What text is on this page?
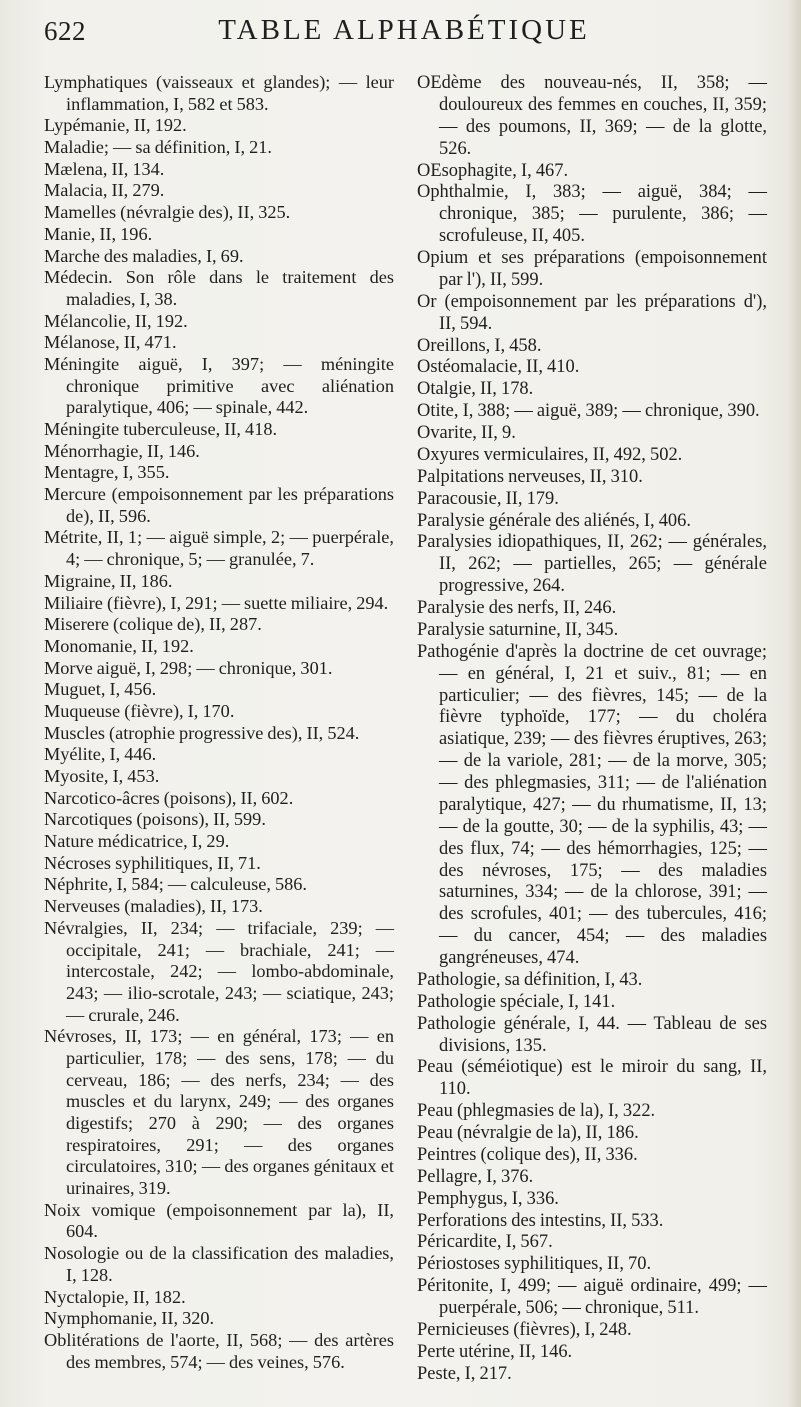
622	TABLE ALPHABÉTIQUE

Lymphatiques (vaisseaux et glandes); — leur inflammation, I, 582 et 583.

Lypémanie, II, 192.

Maladie; — sa définition, I, 21.

Mælena, II, 134.

Malacia, II, 279.

Mamelles (névralgie des), II, 325.

Manie, II, 196.

Marche des maladies, I, 69.

Médecin. Son rôle dans le traitement des maladies, I, 38.

Mélancolie, II, 192.

Mélanose, II, 471.

Méningite aiguë, I, 397; — méningite chronique primitive avec aliénation paralytique, 406; — spinale, 442.

Méningite tuberculeuse, II, 418.

Ménorrhagie, II, 146.

Mentagre, I, 355.

Mercure (empoisonnement par les préparations de), II, 596.

Métrite, II, 1; — aiguë simple, 2; — puerpérale, 4; — chronique, 5; — granulée, 7.

Migraine, II, 186.

Miliaire (fièvre), I, 291; — suette miliaire, 294.

Miserere (colique de), II, 287.

Monomanie, II, 192.

Morve aiguë, I, 298; — chronique, 301.

Muguet, I, 456.

Muqueuse (fièvre), I, 170.

Muscles (atrophie progressive des), II, 524.

Myélite, I, 446.

Myosite, I, 453.

Narcotico-âcres (poisons), II, 602.

Narcotiques (poisons), II, 599.

Nature médicatrice, I, 29.

Nécroses syphilitiques, II, 71.

Néphrite, I, 584; — calculeuse, 586.

Nerveuses (maladies), II, 173.

Névralgies, II, 234; — trifaciale, 239; — occipitale, 241; — brachiale, 241; — intercostale, 242; — lombo-abdominale, 243; — ilio-scrotale, 243; — sciatique, 243; — crurale, 246.

Névroses, II, 173; — en général, 173; — en particulier, 178; — des sens, 178; — du cerveau, 186; — des nerfs, 234; — des muscles et du larynx, 249; — des organes digestifs; 270 à 290; — des organes respiratoires, 291; — des organes circulatoires, 310; — des organes génitaux et urinaires, 319.

Noix vomique (empoisonnement par la), II, 604.

Nosologie ou de la classification des maladies, I, 128.

Nyctalopie, II, 182.

Nymphomanie, II, 320.

Oblitérations de l'aorte, II, 568; — des artères des membres, 574; — des veines, 576.

OEdème des nouveau-nés, II, 358; — douloureux des femmes en couches, II, 359; — des poumons, II, 369; — de la glotte, 526.

OEsophagite, I, 467.

Ophthalmie, I, 383; — aiguë, 384; — chronique, 385; — purulente, 386; — scrofuleuse, II, 405.

Opium et ses préparations (empoisonnement par l'), II, 599.

Or (empoisonnement par les préparations d'), II, 594.

Oreillons, I, 458.

Ostéomalacie, II, 410.

Otalgie, II, 178.

Otite, I, 388; — aiguë, 389; — chronique, 390.

Ovarite, II, 9.

Oxyures vermiculaires, II, 492, 502.

Palpitations nerveuses, II, 310.

Paracousie, II, 179.

Paralysie générale des aliénés, I, 406.

Paralysies idiopathiques, II, 262; — générales, II, 262; — partielles, 265; — générale progressive, 264.

Paralysie des nerfs, II, 246.

Paralysie saturnine, II, 345.

Pathogénie d'après la doctrine de cet ouvrage; — en général, I, 21 et suiv., 81; — en particulier; — des fièvres, 145; — de la fièvre typhoïde, 177; — du choléra asiatique, 239; — des fièvres éruptives, 263; — de la variole, 281; — de la morve, 305; — des phlegmasies, 311; — de l'aliénation paralytique, 427; — du rhumatisme, II, 13; — de la goutte, 30; — de la syphilis, 43; — des flux, 74; — des hémorrhagies, 125; — des névroses, 175; — des maladies saturnines, 334; — de la chlorose, 391; — des scrofules, 401; — des tubercules, 416; — du cancer, 454; — des maladies gangréneuses, 474.

Pathologie, sa définition, I, 43.

Pathologie spéciale, I, 141.

Pathologie générale, I, 44. — Tableau de ses divisions, 135.

Peau (séméiotique) est le miroir du sang, II, 110.

Peau (phlegmasies de la), I, 322.

Peau (névralgie de la), II, 186.

Peintres (colique des), II, 336.

Pellagre, I, 376.

Pemphygus, I, 336.

Perforations des intestins, II, 533.

Péricardite, I, 567.

Périostoses syphilitiques, II, 70.

Péritonite, I, 499; — aiguë ordinaire, 499; — puerpérale, 506; — chronique, 511.

Pernicieuses (fièvres), I, 248.

Perte utérine, II, 146.

Peste, I, 217.
